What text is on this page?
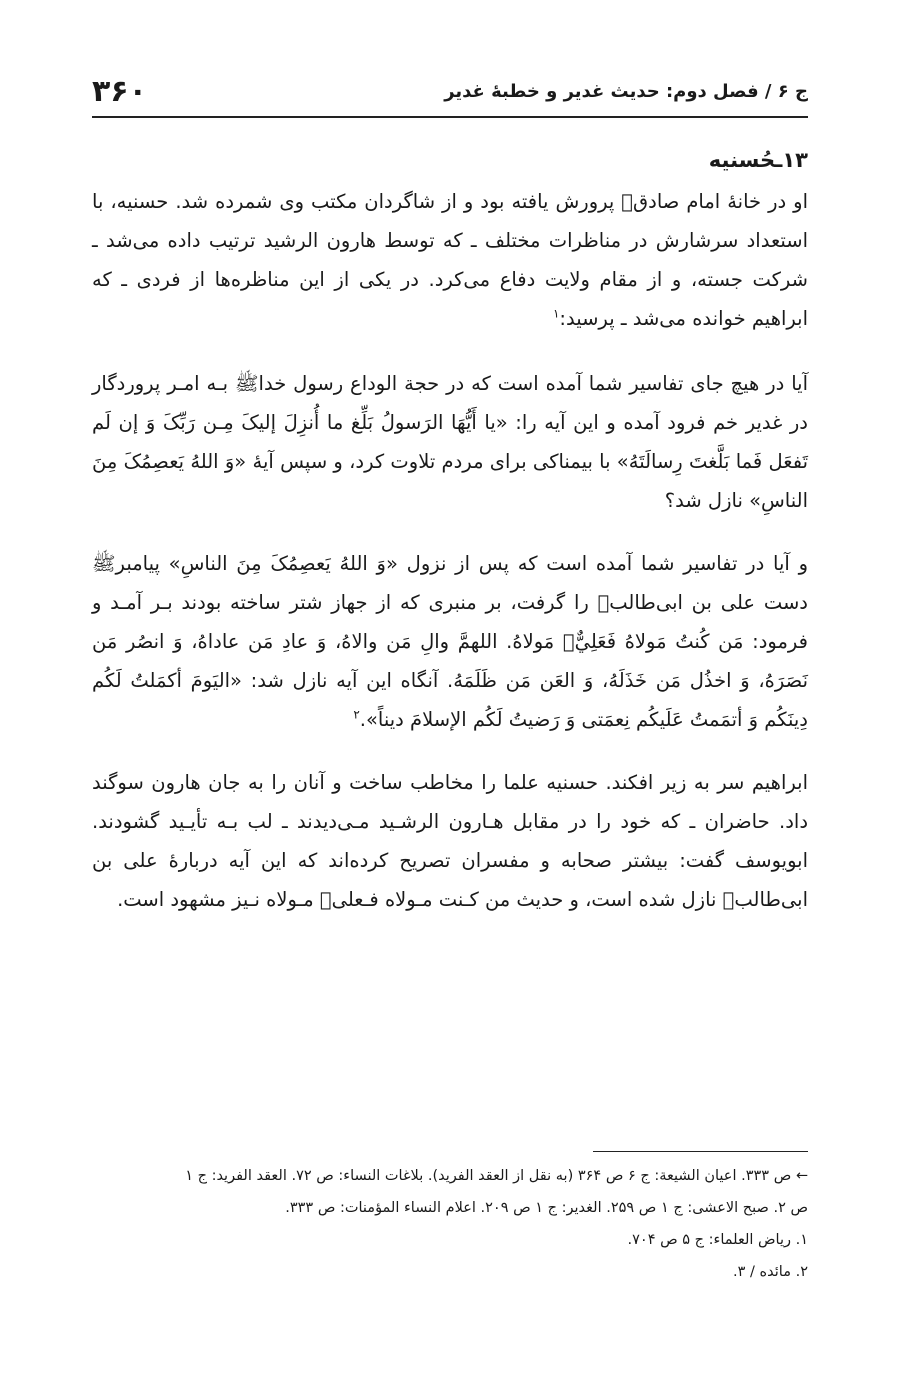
۳۶۰	ج ۶ / فصل دوم: حديث غدير و خطبهٔ غدير
۱۳ـحُسنيه

او در خانهٔ امام صادق﷣ پرورش يافته بود و از شاگردان مكتب وى شمرده شد. حسنيه، با استعداد سرشارش در مناظرات مختلف ـ كه توسط هارون الرشيد ترتيب داده مى‌شد ـ شركت جسته، و از مقام ولايت دفاع مى‌كرد. در يكى از اين مناظره‌ها از فردى ـ كه ابراهيم خوانده مى‌شد ـ پرسيد:$^۱$

آيا در هيچ جاى تفاسير شما آمده است كه در حجة الوداع رسول خداﷺ بـه امـر پروردگار در غدير خم فرود آمده و اين آيه را: «يا أَيُّهَا الرَسولُ بَلِّغ ما أُنزِلَ إليکَ مِـن رَبِّکَ وَ إن لَم تَفعَل فَما بَلَّغتَ رِسالَتَهُ» با بيمناكى براى مردم تلاوت كرد، و سپس آيهٔ «وَ اللهُ يَعصِمُکَ مِنَ الناسِ» نازل شد؟

و آيا در تفاسير شما آمده است كه پس از نزول «وَ اللهُ يَعصِمُکَ مِنَ الناسِ» پيامبرﷺ دست على بن ابى‌طالب﷣ را گرفت، بر منبرى كه از جهاز شتر ساخته بودند بـر آمـد و فرمود: مَن كُنتُ مَولاهُ فَعَلِيٌّ﷣ مَولاهُ. اللهمَّ والِ مَن والاهُ، وَ عادِ مَن عاداهُ، وَ انصُر مَن نَصَرَهُ، وَ اخذُل مَن خَذَلَهُ، وَ العَن مَن ظَلَمَهُ. آنگاه اين آيه نازل شد: «اليَومَ أكمَلتُ لَكُم دِينَكُم وَ أتمَمتُ عَلَيكُم نِعمَتى وَ رَضيتُ لَكُم الإسلامَ ديناً».$^۲$

ابراهيم سر به زير افكند. حسنيه علما را مخاطب ساخت و آنان را به جان هارون سوگند داد. حاضران ـ كه خود را در مقابل هـارون الرشـيد مـى‌ديدند ـ لب بـه تأيـيد گشودند. ابويوسف گفت: بيشتر صحابه و مفسران تصريح كرده‌اند كه اين آيه دربارهٔ على بن ابى‌طالب﷣ نازل شده است، و حديث من كـنت مـولاه فـعلى﷣ مـولاه نـيز مشهود است.

← ص ۳۳۳. اعيان الشيعة: ج ۶ ص ۳۶۴ (به نقل از العقد الفريد). بلاغات النساء: ص ۷۲. العقد الفريد: ج ۱
ص ۲. صبح الاعشى: ج ۱ ص ۲۵۹. الغدير: ج ۱ ص ۲۰۹. اعلام النساء المؤمنات: ص ۳۳۳.
۱. رياض العلماء: ج ۵ ص ۷۰۴.
۲. مائده / ۳.
